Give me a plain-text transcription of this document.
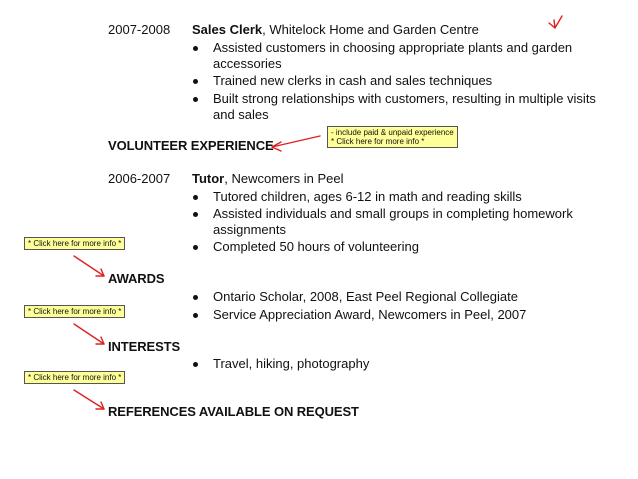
2007-2008 Sales Clerk, Whitelock Home and Garden Centre
Assisted customers in choosing appropriate plants and garden
accessories
Trained new clerks in cash and sales techniques
Built strong relationships with customers, resulting in multiple visits
and sales
VOLUNTEER EXPERIENCE
- include paid & unpaid experience
* Click here for more info *
2006-2007 Tutor, Newcomers in Peel
Tutored children, ages 6-12 in math and reading skills
Assisted individuals and small groups in completing homework
assignments
Completed 50 hours of volunteering
* Click here for more info *
AWARDS
Ontario Scholar, 2008, East Peel Regional Collegiate
Service Appreciation Award, Newcomers in Peel, 2007
* Click here for more info *
INTERESTS
Travel, hiking, photography
* Click here for more info *
REFERENCES AVAILABLE ON REQUEST
